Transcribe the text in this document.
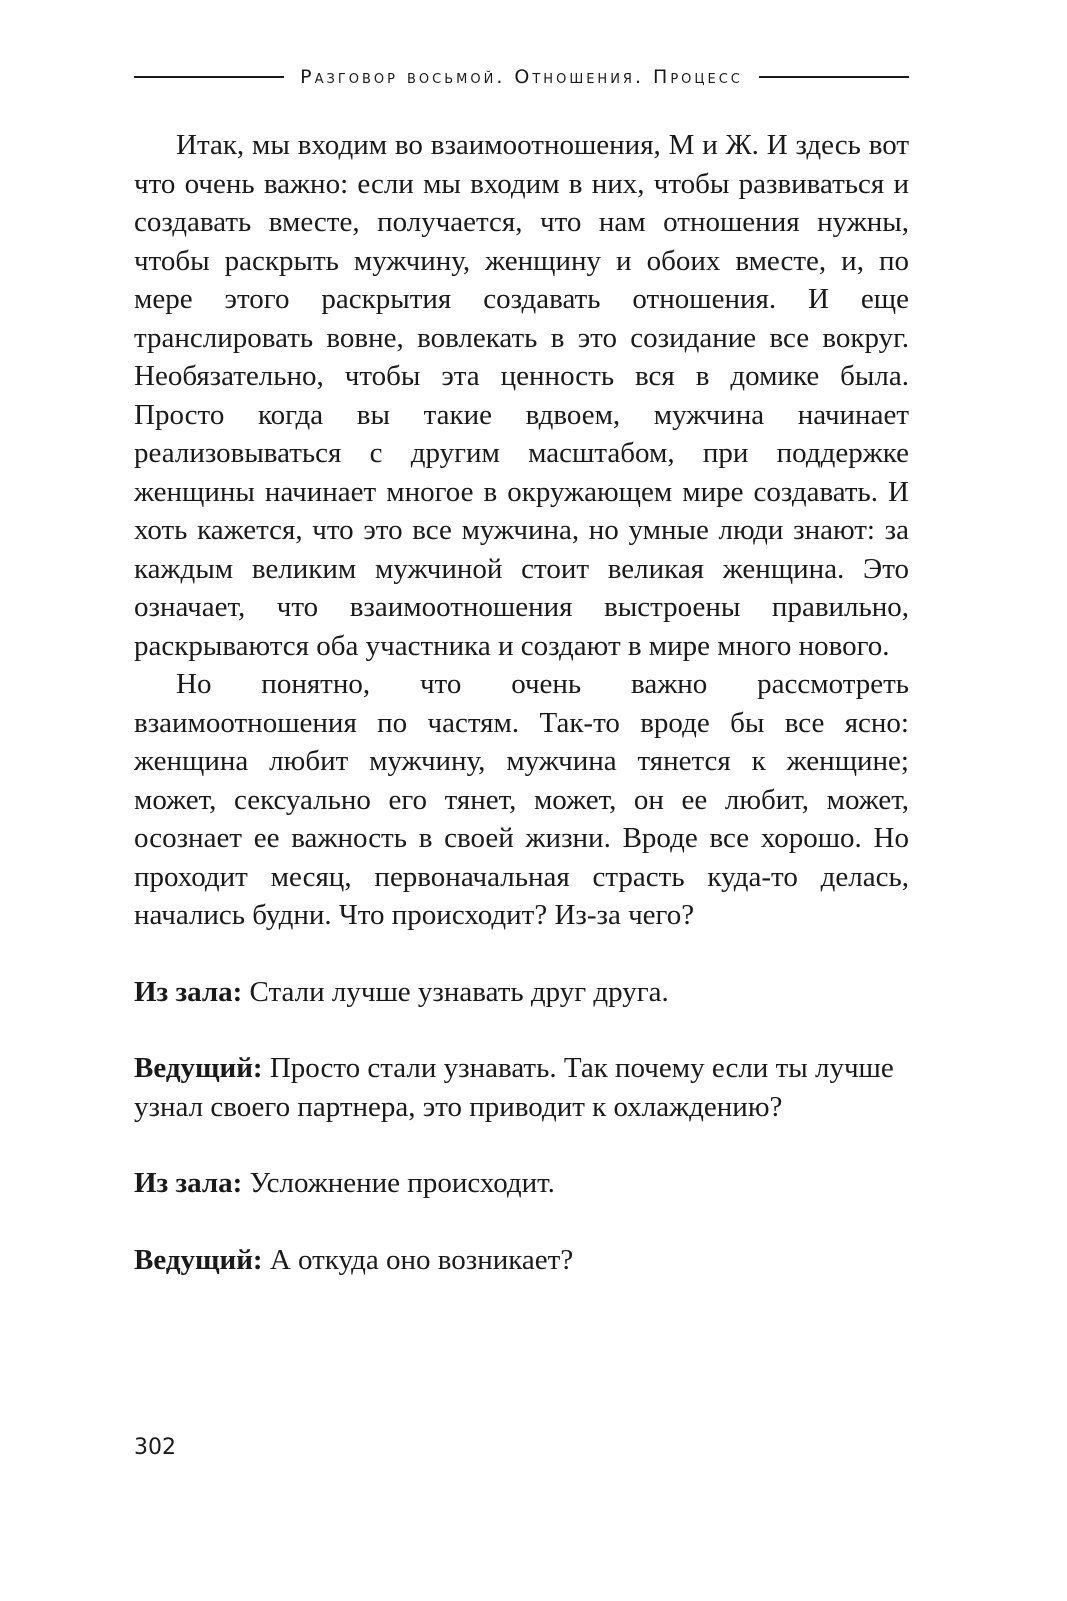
Разговор восьмой. Отношения. Процесс

Итак, мы входим во взаимоотношения, М и Ж. И здесь вот что очень важно: если мы входим в них, чтобы развиваться и создавать вместе, получается, что нам отношения нужны, чтобы раскрыть мужчину, женщину и обоих вместе, и, по мере этого раскрытия создавать отношения. И еще транслировать вовне, вовлекать в это созидание все вокруг. Необязательно, чтобы эта ценность вся в домике была. Просто когда вы такие вдвоем, мужчина начинает реализовываться с другим масштабом, при поддержке женщины начинает многое в окружающем мире создавать. И хоть кажется, что это все мужчина, но умные люди знают: за каждым великим мужчиной стоит великая женщина. Это означает, что взаимоотношения выстроены правильно, раскрываются оба участника и создают в мире много нового.

Но понятно, что очень важно рассмотреть взаимоотношения по частям. Так-то вроде бы все ясно: женщина любит мужчину, мужчина тянется к женщине; может, сексуально его тянет, может, он ее любит, может, осознает ее важность в своей жизни. Вроде все хорошо. Но проходит месяц, первоначальная страсть куда-то делась, начались будни. Что происходит? Из-за чего?

Из зала: Стали лучше узнавать друг друга.

Ведущий: Просто стали узнавать. Так почему если ты лучше узнал своего партнера, это приводит к охлаждению?

Из зала: Усложнение происходит.

Ведущий: А откуда оно возникает?

302
